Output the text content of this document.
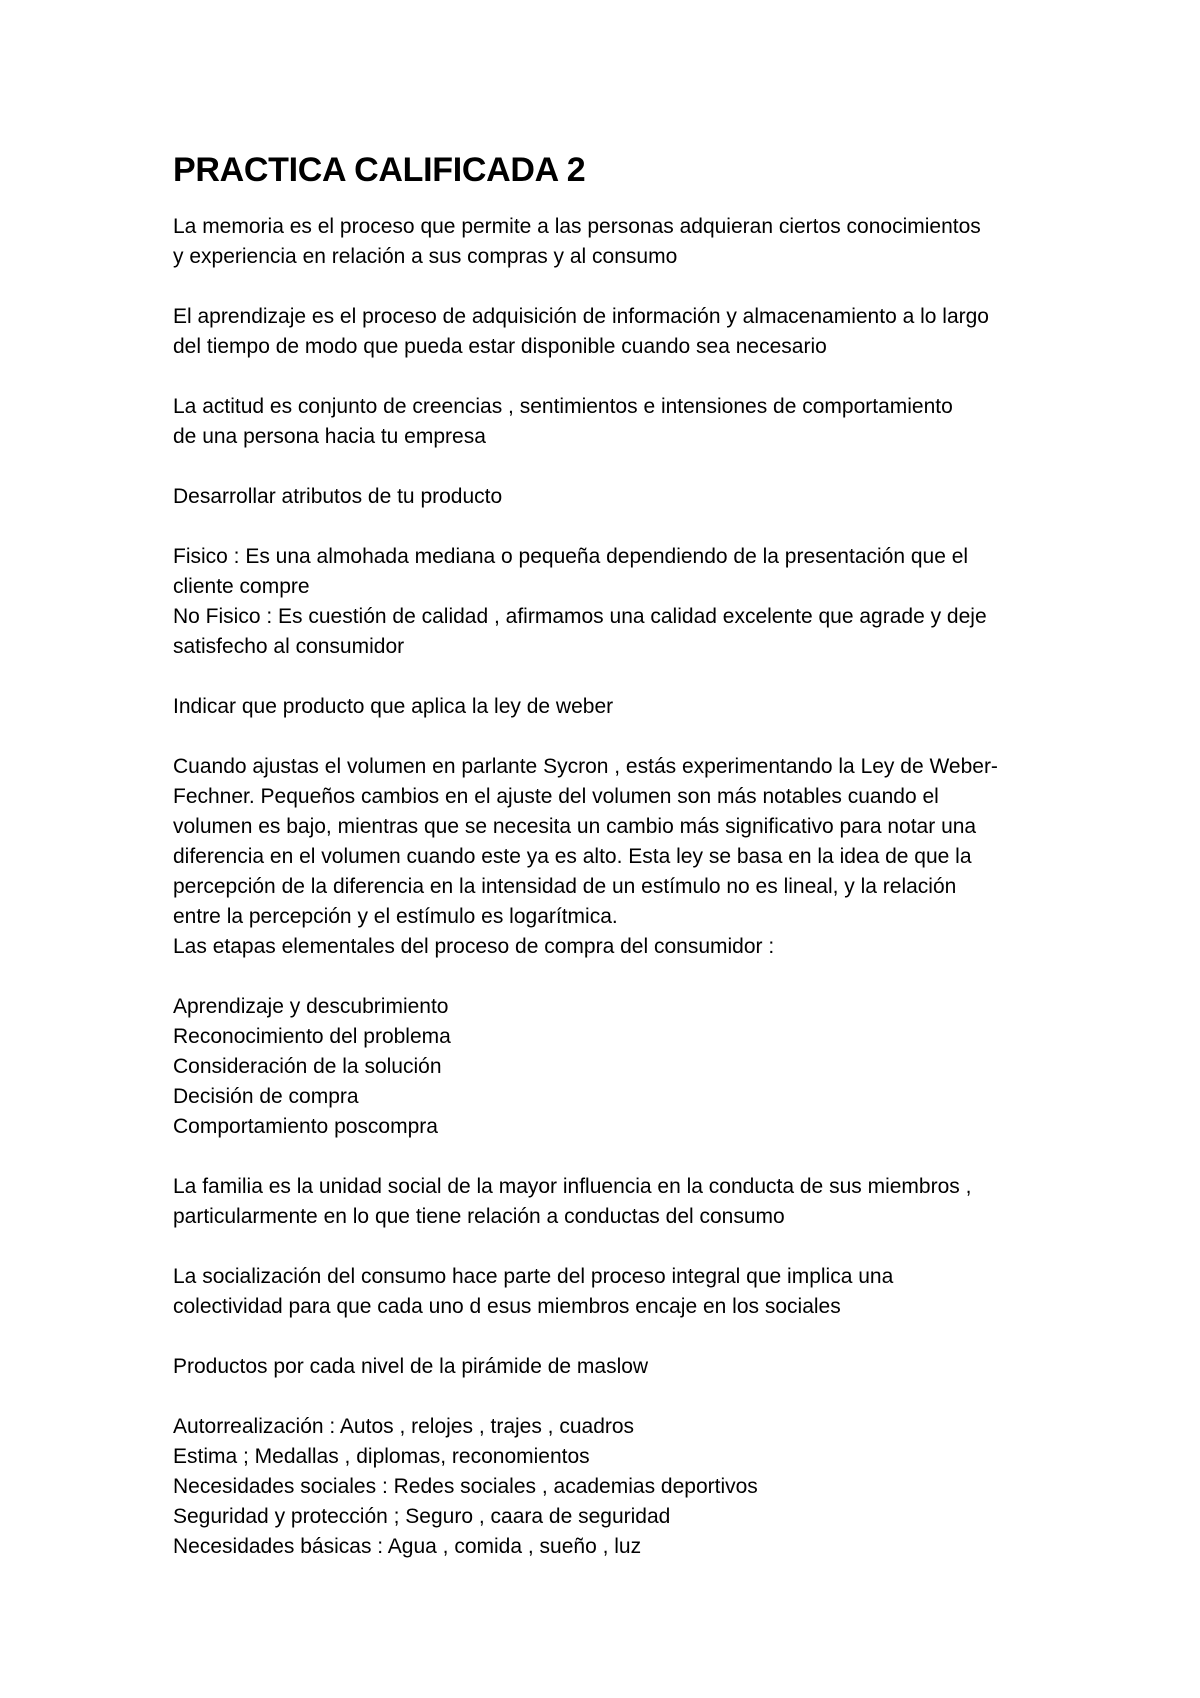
PRACTICA CALIFICADA 2
La memoria es el proceso que permite a las personas adquieran ciertos conocimientos
y experiencia en relación a sus compras y al consumo
El aprendizaje es el proceso de adquisición de información y almacenamiento a lo largo
del tiempo de modo que pueda estar disponible cuando sea necesario
La actitud es conjunto de creencias , sentimientos e intensiones de comportamiento
de una persona hacia tu empresa
Desarrollar atributos de tu producto
Fisico : Es una almohada mediana o pequeña dependiendo de la presentación que el
cliente compre
No Fisico : Es cuestión de calidad , afirmamos una calidad excelente que agrade y deje
satisfecho al consumidor
Indicar que producto que aplica la ley de weber
Cuando ajustas el volumen en parlante Sycron , estás experimentando la Ley de Weber-
Fechner. Pequeños cambios en el ajuste del volumen son más notables cuando el
volumen es bajo, mientras que se necesita un cambio más significativo para notar una
diferencia en el volumen cuando este ya es alto. Esta ley se basa en la idea de que la
percepción de la diferencia en la intensidad de un estímulo no es lineal, y la relación
entre la percepción y el estímulo es logarítmica.
Las etapas elementales del proceso de compra del consumidor :
Aprendizaje y descubrimiento
Reconocimiento del problema
Consideración de la solución
Decisión de compra
Comportamiento poscompra
La familia es la unidad social de la mayor influencia en la conducta de sus miembros ,
particularmente en lo que tiene relación a conductas del consumo
La socialización del consumo hace parte del proceso integral que implica una
colectividad para que cada uno d esus miembros encaje en los sociales
Productos por cada nivel de la pirámide de maslow
Autorrealización : Autos , relojes , trajes , cuadros
Estima ; Medallas , diplomas, reconomientos
Necesidades sociales : Redes sociales , academias deportivos
Seguridad y protección ; Seguro , caara de seguridad
Necesidades básicas : Agua , comida , sueño , luz
